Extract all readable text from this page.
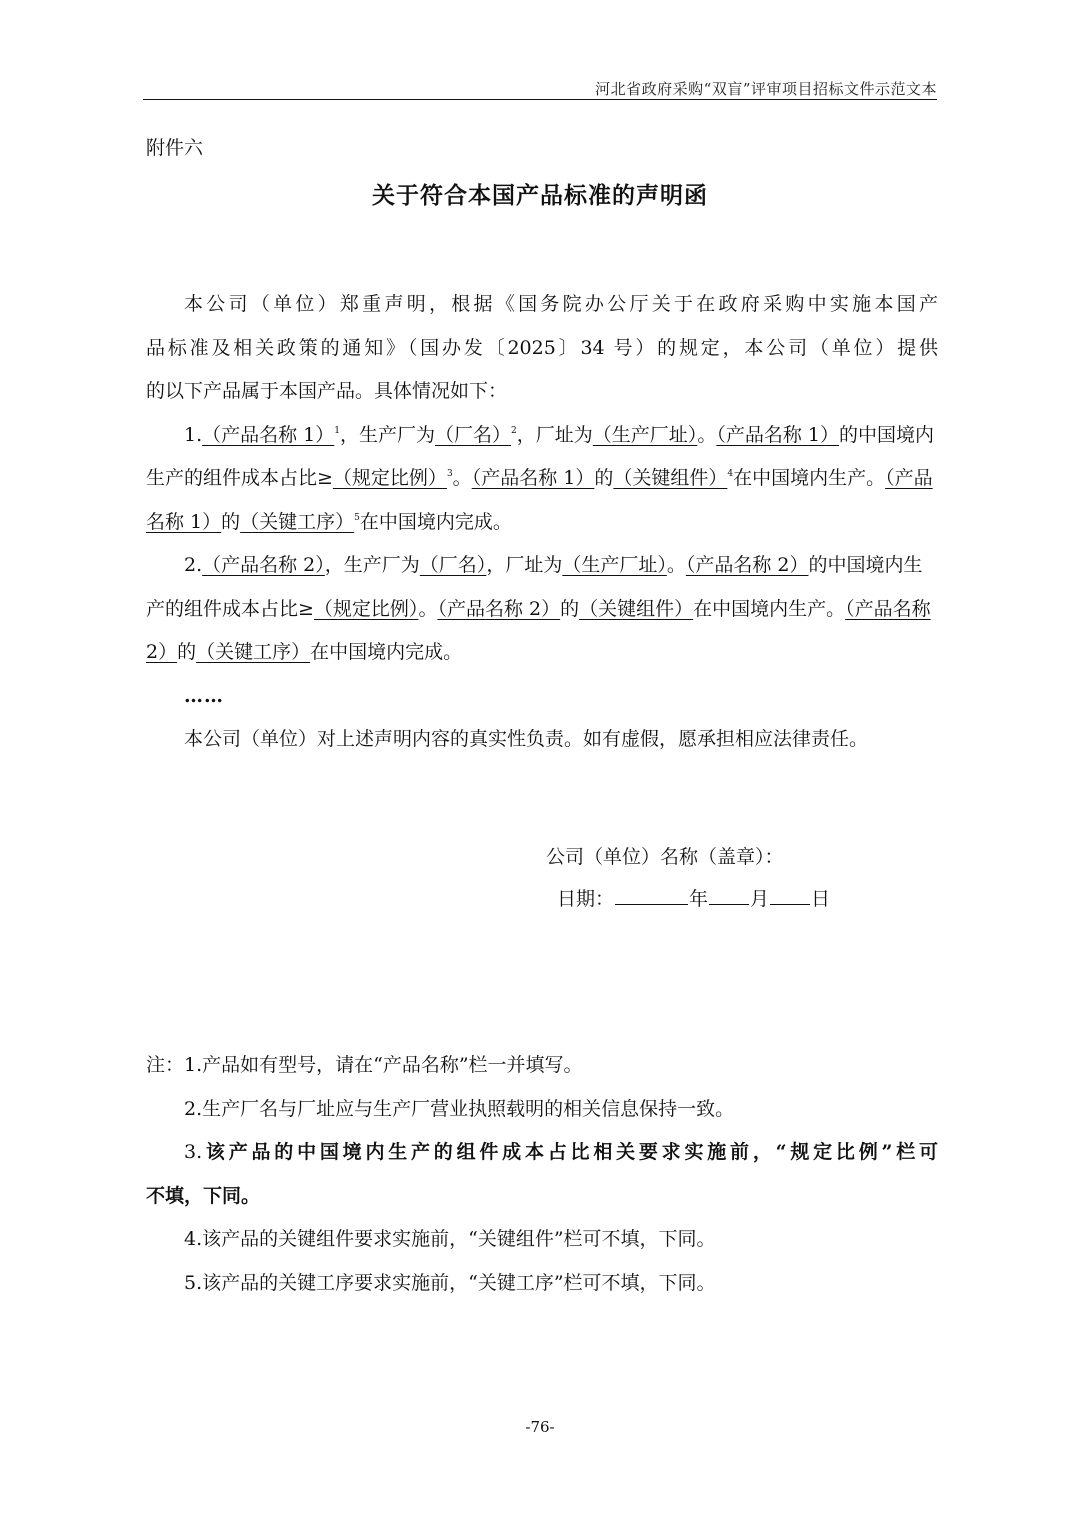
河北省政府采购“双盲”评审项目招标文件示范文本
附件六
关于符合本国产品标准的声明函

本公司（单位）郑重声明，根据《国务院办公厅关于在政府采购中实施本国产

品标准及相关政策的通知》（国办发〔2025〕34 号）的规定，本公司（单位）提供

的以下产品属于本国产品。具体情况如下：

1.（产品名称 1）$^1$，生产厂为（厂名）$^2$，厂址为（生产厂址）。（产品名称 1）的中国境内生产的组件成本占比≥（规定比例）$^3$。（产品名称 1）的（关键组件）$^4$在中国境内生产。（产品名称 1）的（关键工序）$^5$在中国境内完成。

2.（产品名称 2），生产厂为（厂名），厂址为（生产厂址）。（产品名称 2）的中国境内生产的组件成本占比≥（规定比例）。（产品名称 2）的（关键组件）在中国境内生产。（产品名称 2）的（关键工序）在中国境内完成。

……

本公司（单位）对上述声明内容的真实性负责。如有虚假，愿承担相应法律责任。

公司（单位）名称（盖章）：
日期：	年 月 日

注：1.产品如有型号，请在“产品名称”栏一并填写。

2.生产厂名与厂址应与生产厂营业执照载明的相关信息保持一致。

3.该产品的中国境内生产的组件成本占比相关要求实施前，“规定比例”栏可

不填，下同。

4.该产品的关键组件要求实施前，“关键组件”栏可不填，下同。

5.该产品的关键工序要求实施前，“关键工序”栏可不填，下同。

-76-
